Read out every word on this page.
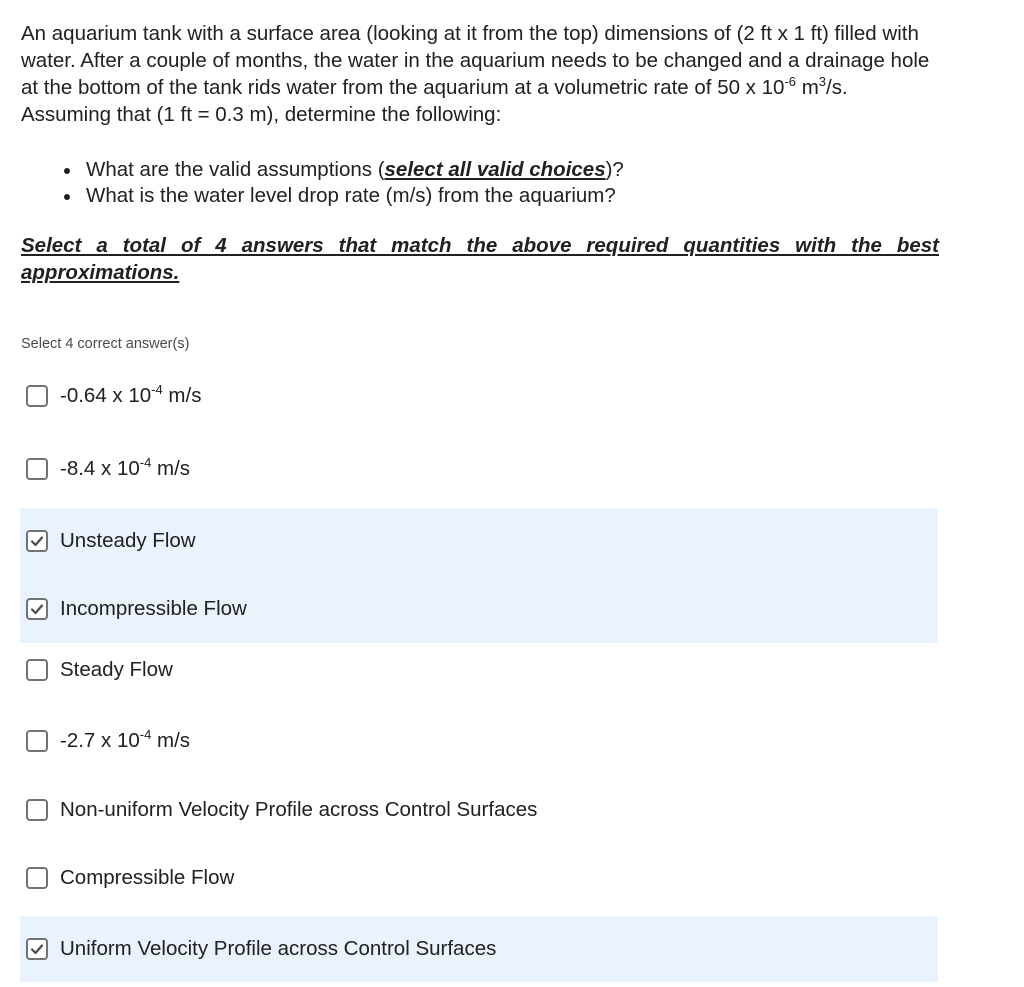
An aquarium tank with a surface area (looking at it from the top) dimensions of (2 ft x 1 ft) filled with water. After a couple of months, the water in the aquarium needs to be changed and a drainage hole at the bottom of the tank rids water from the aquarium at a volumetric rate of 50 x $10^{-6}$ $m^3/s$. Assuming that (1 ft = 0.3 m), determine the following:

What are the valid assumptions (select all valid choices)?
What is the water level drop rate (m/s) from the aquarium?
Select a total of 4 answers that match the above required quantities with the best approximations.
Select 4 correct answer(s)
-0.64 x $10^{-4}$ m/s
-8.4 x $10^{-4}$ m/s
Unsteady Flow
Incompressible Flow
Steady Flow
-2.7 x $10^{-4}$ m/s
Non-uniform Velocity Profile across Control Surfaces
Compressible Flow
Uniform Velocity Profile across Control Surfaces
